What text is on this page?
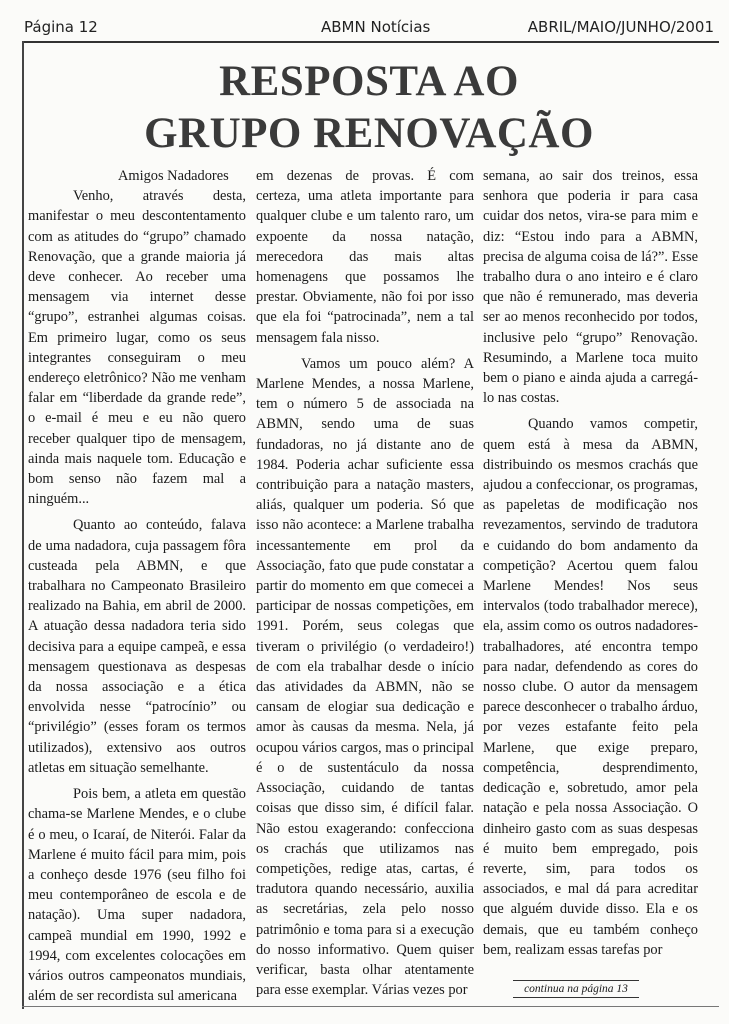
Página 12	ABMN Notícias	ABRIL/MAIO/JUNHO/2001
RESPOSTA AO
GRUPO RENOVAÇÃO

Amigos Nadadores

Venho, através desta, manifestar o meu descontentamento com as atitudes do “grupo” chamado Renovação, que a grande maioria já deve conhecer. Ao receber uma mensagem via internet desse “grupo”, estranhei algumas coisas. Em primeiro lugar, como os seus integrantes conseguiram o meu endereço eletrônico? Não me venham falar em “liberdade da grande rede”, o e-mail é meu e eu não quero receber qualquer tipo de mensagem, ainda mais naquele tom. Educação e bom senso não fazem mal a ninguém...

Quanto ao conteúdo, falava de uma nadadora, cuja passagem fôra custeada pela ABMN, e que trabalhara no Campeonato Brasileiro realizado na Bahia, em abril de 2000. A atuação dessa nadadora teria sido decisiva para a equipe campeã, e essa mensagem questionava as despesas da nossa associação e a ética envolvida nesse “patrocínio” ou “privilégio” (esses foram os termos utilizados), extensivo aos outros atletas em situação semelhante.

Pois bem, a atleta em questão chama-se Marlene Mendes, e o clube é o meu, o Icaraí, de Niterói. Falar da Marlene é muito fácil para mim, pois a conheço desde 1976 (seu filho foi meu contemporâneo de escola e de natação). Uma super nadadora, campeã mundial em 1990, 1992 e 1994, com excelentes colocações em vários outros campeonatos mundiais, além de ser recordista sul americana

em dezenas de provas. É com certeza, uma atleta importante para qualquer clube e um talento raro, um expoente da nossa natação, merecedora das mais altas homenagens que possamos lhe prestar. Obviamente, não foi por isso que ela foi “patrocinada”, nem a tal mensagem fala nisso.

Vamos um pouco além? A Marlene Mendes, a nossa Marlene, tem o número 5 de associada na ABMN, sendo uma de suas fundadoras, no já distante ano de 1984. Poderia achar suficiente essa contribuição para a natação masters, aliás, qualquer um poderia. Só que isso não acontece: a Marlene trabalha incessantemente em prol da Associação, fato que pude constatar a partir do momento em que comecei a participar de nossas competições, em 1991. Porém, seus colegas que tiveram o privilégio (o verdadeiro!) de com ela trabalhar desde o início das atividades da ABMN, não se cansam de elogiar sua dedicação e amor às causas da mesma. Nela, já ocupou vários cargos, mas o principal é o de sustentáculo da nossa Associação, cuidando de tantas coisas que disso sim, é difícil falar. Não estou exagerando: confecciona os crachás que utilizamos nas competições, redige atas, cartas, é tradutora quando necessário, auxilia as secretárias, zela pelo nosso patrimônio e toma para si a execução do nosso informativo. Quem quiser verificar, basta olhar atentamente para esse exemplar. Várias vezes por

semana, ao sair dos treinos, essa senhora que poderia ir para casa cuidar dos netos, vira-se para mim e diz: “Estou indo para a ABMN, precisa de alguma coisa de lá?”. Esse trabalho dura o ano inteiro e é claro que não é remunerado, mas deveria ser ao menos reconhecido por todos, inclusive pelo “grupo” Renovação. Resumindo, a Marlene toca muito bem o piano e ainda ajuda a carregá-lo nas costas.

Quando vamos competir, quem está à mesa da ABMN, distribuindo os mesmos crachás que ajudou a confeccionar, os programas, as papeletas de modificação nos revezamentos, servindo de tradutora e cuidando do bom andamento da competição? Acertou quem falou Marlene Mendes! Nos seus intervalos (todo trabalhador merece), ela, assim como os outros nadadores-trabalhadores, até encontra tempo para nadar, defendendo as cores do nosso clube. O autor da mensagem parece desconhecer o trabalho árduo, por vezes estafante feito pela Marlene, que exige preparo, competência, desprendimento, dedicação e, sobretudo, amor pela natação e pela nossa Associação. O dinheiro gasto com as suas despesas é muito bem empregado, pois reverte, sim, para todos os associados, e mal dá para acreditar que alguém duvide disso. Ela e os demais, que eu também conheço bem, realizam essas tarefas por

continua na página 13
